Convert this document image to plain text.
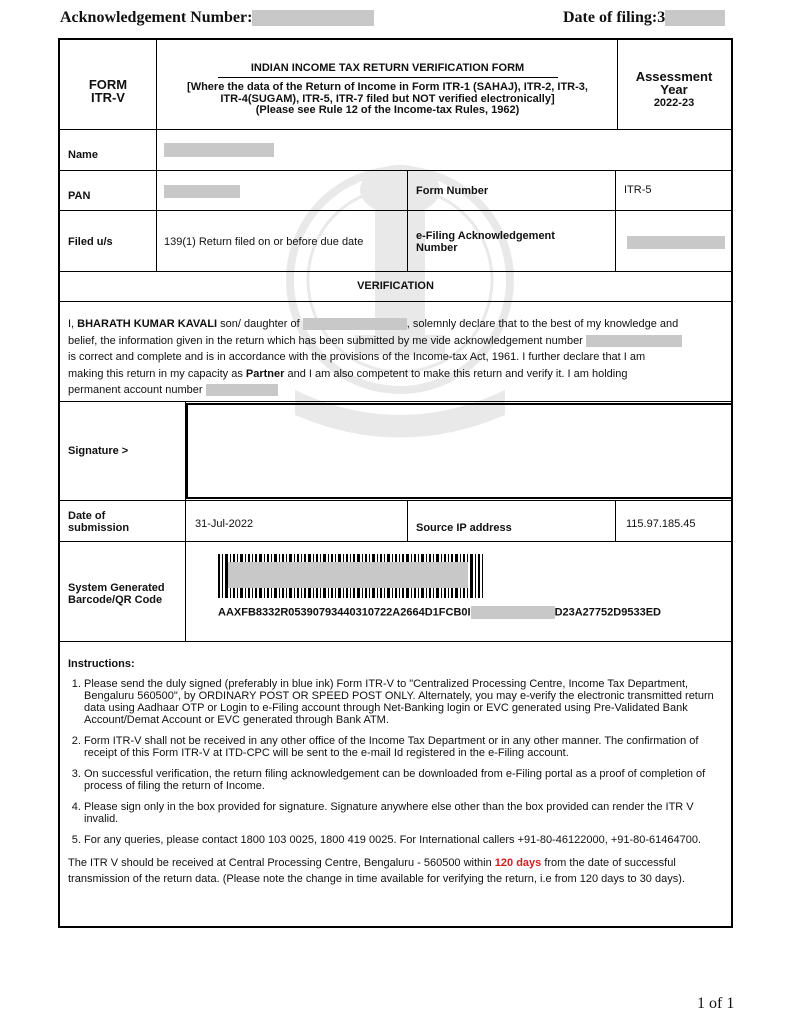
Acknowledgement Number:	Date of filing:3
FORM
ITR-V
INDIAN INCOME TAX RETURN VERIFICATION FORM
[Where the data of the Return of Income in Form ITR-1 (SAHAJ), ITR-2, ITR-3,
ITR-4(SUGAM), ITR-5, ITR-7 filed but NOT verified electronically]
(Please see Rule 12 of the Income-tax Rules, 1962)
Assessment
Year
2022-23
Name
PAN	Form Number	ITR-5
Filed u/s	139(1) Return filed on or before due date	e-Filing Acknowledgement
Number
VERIFICATION
I, BHARATH KUMAR KAVALI son/ daughter of	, solemnly declare that to the best of my knowledge and
belief, the information given in the return which has been submitted by me vide acknowledgement number
is correct and complete and is in accordance with the provisions of the Income-tax Act, 1961. I further declare that I am
making this return in my capacity as Partner and I am also competent to make this return and verify it. I am holding
permanent account number
Signature >
Date of
submission	31-Jul-2022	Source IP address	115.97.185.45
System Generated
Barcode/QR Code
AAXFB8332R05390793440310722A2664D1FCB0I	D23A27752D9533ED
Instructions:
1. Please send the duly signed (preferably in blue ink) Form ITR-V to "Centralized Processing Centre, Income Tax Department, Bengaluru 560500", by ORDINARY POST OR SPEED POST ONLY. Alternately, you may e-verify the electronic transmitted return data using Aadhaar OTP or Login to e-Filing account through Net-Banking login or EVC generated using Pre-Validated Bank Account/Demat Account or EVC generated through Bank ATM.
2. Form ITR-V shall not be received in any other office of the Income Tax Department or in any other manner. The confirmation of receipt of this Form ITR-V at ITD-CPC will be sent to the e-mail Id registered in the e-Filing account.
3. On successful verification, the return filing acknowledgement can be downloaded from e-Filing portal as a proof of completion of process of filing the return of Income.
4. Please sign only in the box provided for signature. Signature anywhere else other than the box provided can render the ITR V invalid.
5. For any queries, please contact 1800 103 0025, 1800 419 0025. For International callers +91-80-46122000, +91-80-61464700.
The ITR V should be received at Central Processing Centre, Bengaluru - 560500 within 120 days from the date of successful transmission of the return data. (Please note the change in time available for verifying the return, i.e from 120 days to 30 days).
1 of 1
